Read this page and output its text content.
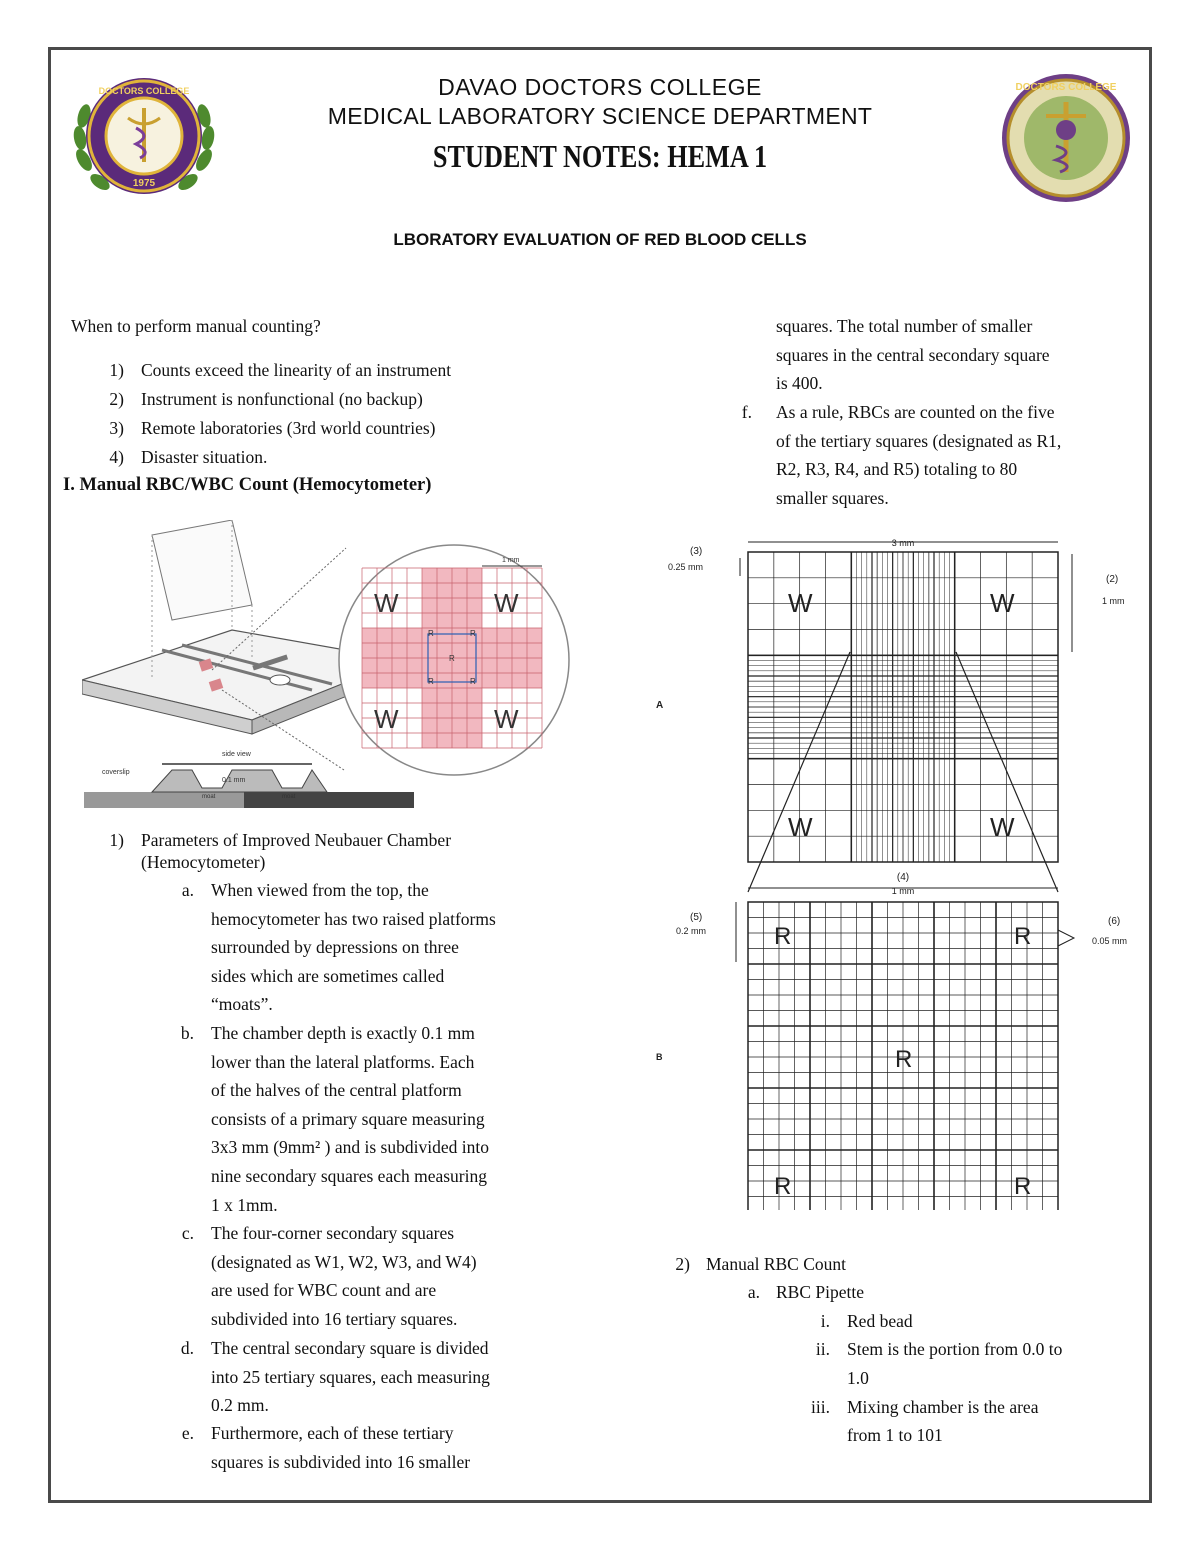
1975
DOCTORS COLLEGE	DOCTORS COLLEGE
DAVAO DOCTORS COLLEGE
MEDICAL LABORATORY SCIENCE DEPARTMENT
STUDENT NOTES: HEMA 1
LBORATORY EVALUATION OF RED BLOOD CELLS
When to perform manual counting?
1) Counts exceed the linearity of an instrument
2) Instrument is nonfunctional (no backup)
3) Remote laboratories (3rd world countries)
4) Disaster situation.
I. Manual RBC/WBC Count (Hemocytometer)
side view
coverslip
0.1 mm
moat	moat
W	W
W	W
R	R
R
R	R
1 mm
1) Parameters of Improved Neubauer Chamber
(Hemocytometer)
a. When viewed from the top, the
hemocytometer has two raised platforms
surrounded by depressions on three
sides which are sometimes called
“moats”.
b. The chamber depth is exactly 0.1 mm
lower than the lateral platforms. Each
of the halves of the central platform
consists of a primary square measuring
3x3 mm (9mm² ) and is subdivided into
nine secondary squares each measuring
1 x 1mm.
c. The four-corner secondary squares
(designated as W1, W2, W3, and W4)
are used for WBC count and are
subdivided into 16 tertiary squares.
d. The central secondary square is divided
into 25 tertiary squares, each measuring
0.2 mm.
e. Furthermore, each of these tertiary
squares is subdivided into 16 smaller
squares. The total number of smaller
squares in the central secondary square
is 400.
f. As a rule, RBCs are counted on the five
of the tertiary squares (designated as R1,
R2, R3, R4, and R5) totaling to 80
smaller squares.
W	W
W	W
R	R
R
R	R
3 mm
(3)
0.25 mm
(2)
1 mm
A
B
(4)
1 mm
(5)
0.2 mm
(6)
0.05 mm
2) Manual RBC Count
a. RBC Pipette
i. Red bead
ii. Stem is the portion from 0.0 to
1.0
iii. Mixing chamber is the area
from 1 to 101
